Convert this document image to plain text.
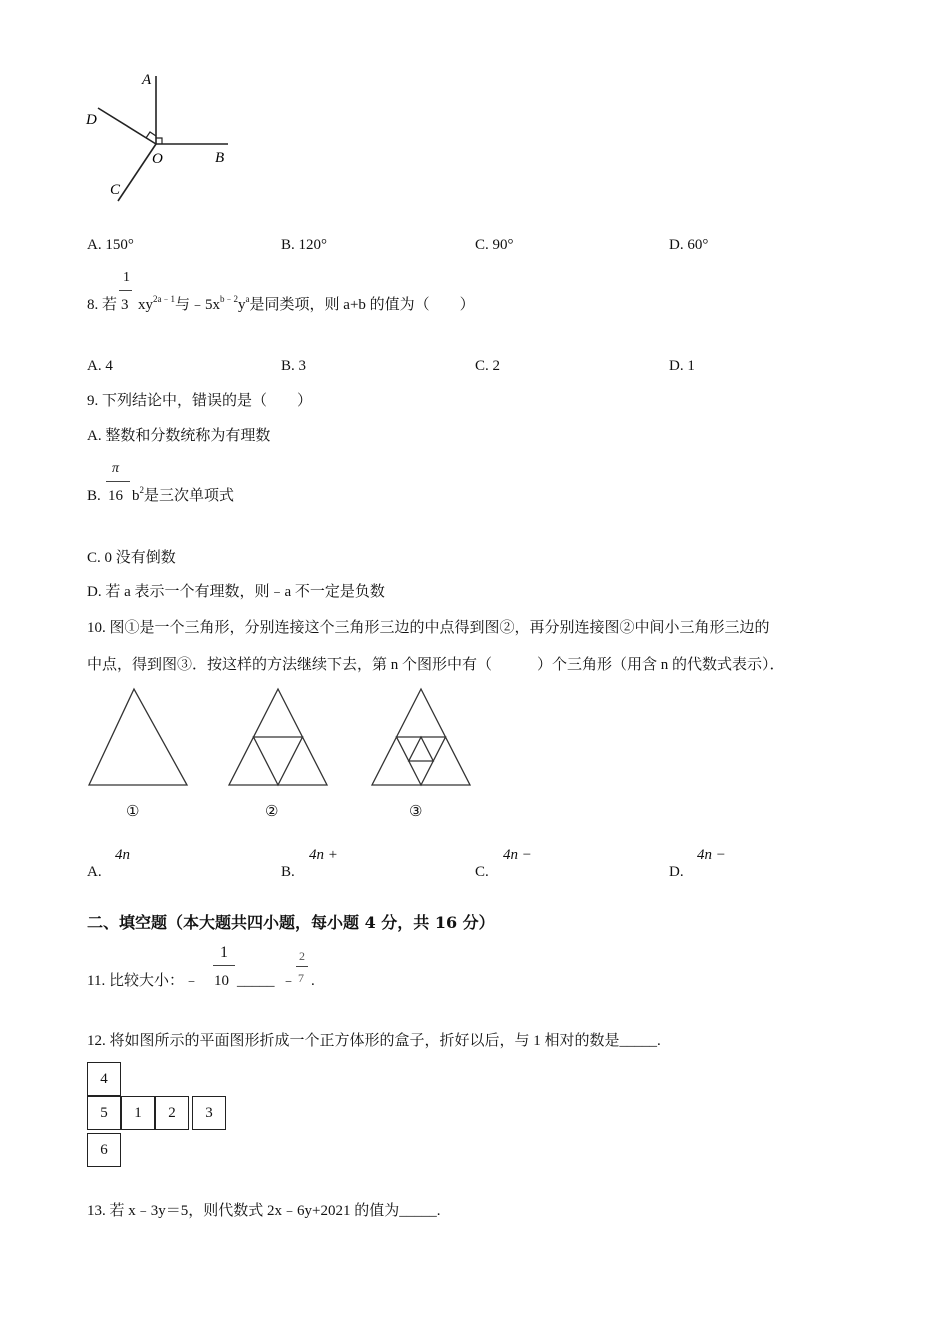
A
D
O	B
C
A. 150°	B. 120°	C. 90°	D. 60°
8. 若
1
3 $xy^{2a﹣1}$与$﹣5x^{b﹣2}y^a$是同类项，则 a+b 的值为（　　）
A. 4	B. 3	C. 2	D. 1
9. 下列结论中，错误的是（　　）
A. 整数和分数统称为有理数
B.
π
16 $b^2$是三次单项式
C. 0 没有倒数
D. 若 a 表示一个有理数，则﹣a 不一定是负数
10. 图①是一个三角形，分别连接这个三角形三边的中点得到图②，再分别连接图②中间小三角形三边的
中点，得到图③．按这样的方法继续下去，第 n 个图形中有（　　　）个三角形（用含 n 的代数式表示）．
①	②	③
A.
4n
B.
4n +
C.
4n −
D.
4n −
二、填空题（本大题共四小题，每小题 4 分，共 16 分）
11. 比较大小：﹣
1
10 _____ ﹣
2
7 .
12. 将如图所示的平面图形折成一个正方体形的盒子，折好以后，与 1 相对的数是_____.
4
5	1	2	3
6
13. 若 x﹣3y＝5，则代数式 2x﹣6y+2021 的值为_____.
